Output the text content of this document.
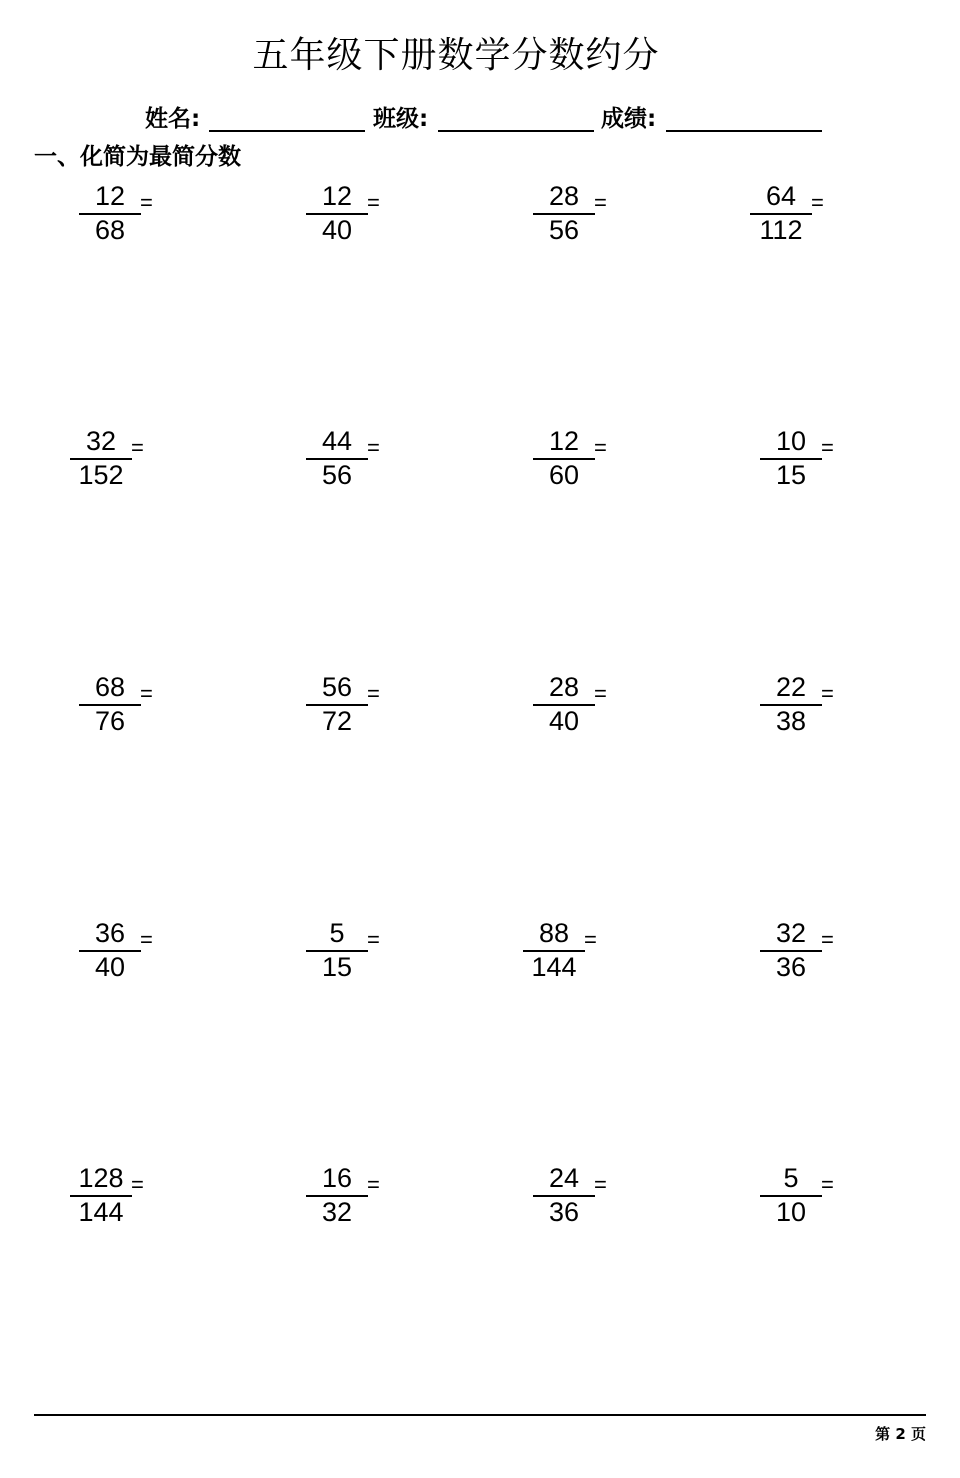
五年级下册数学分数约分
姓名:	班级:	成绩:
一、化简为最简分数
12
68
=	12
40
=	28
56
=	64
112
=
32
152
=	44
56
=	12
60
=	10
15
=
68
76
=	56
72
=	28
40
=	22
38
=
36
40
=	5
15
=	88
144
=	32
36
=
128
144
=	16
32
=	24
36
=	5
10
=
第 2 页
